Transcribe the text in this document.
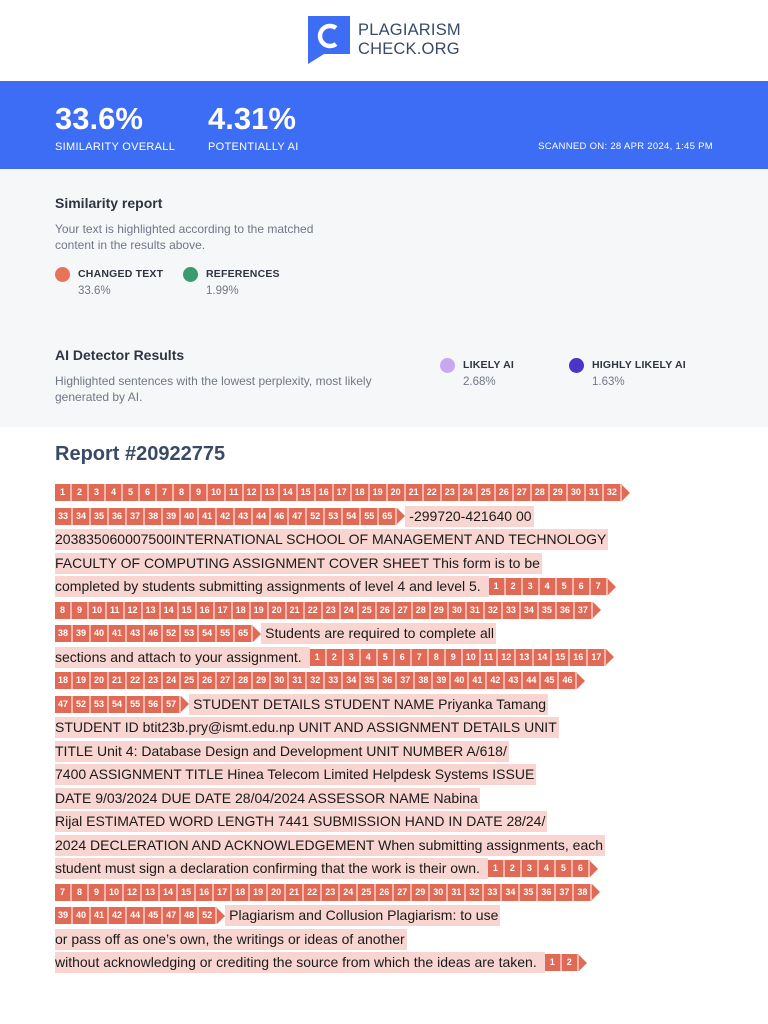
PLAGIARISM
CHECK.ORG
33.6%
SIMILARITY OVERALL
4.31%
POTENTIALLY AI	SCANNED ON: 28 APR 2024, 1:45 PM
Similarity report
Your text is highlighted according to the matched
content in the results above.
CHANGED TEXT
33.6%
REFERENCES
1.99%
AI Detector Results
Highlighted sentences with the lowest perplexity, most likely
generated by AI.
LIKELY AI
2.68%
HIGHLY LIKELY AI
1.63%
Report #20922775
1	2	3	4	5	6	7	8	9	10 11 12 13 14 15 16 17 18 19 20 21 22 23 24 25 26 27 28 29 30 31 32
33 34 35 36 37 38 39 40 41 42 43 44 46 47 52 53 54 55 65	-299720-421640 00
203835060007500INTERNATIONAL SCHOOL OF MANAGEMENT AND TECHNOLOGY
FACULTY OF COMPUTING ASSIGNMENT COVER SHEET This form is to be
completed by students submitting assignments of level 4 and level 5.	1	2	3	4	5	6	7
8	9	10 11 12 13 14 15 16 17 18 19 20 21 22 23 24 25 26 27 28 29 30 31 32 33 34 35 36 37
38 39 40 41 43 46 52 53 54 55 65	Students are required to complete all
sections and attach to your assignment.	1	2	3	4	5	6	7	8	9	10 11 12 13 14 15 16 17
18 19 20 21 22 23 24 25 26 27 28 29 30 31 32 33 34 35 36 37 38 39 40 41 42 43 44 45 46
47 52 53 54 55 56 57	STUDENT DETAILS STUDENT NAME Priyanka Tamang
STUDENT ID btit23b.pry@ismt.edu.np UNIT AND ASSIGNMENT DETAILS UNIT
TITLE Unit 4: Database Design and Development UNIT NUMBER A/618/
7400 ASSIGNMENT TITLE Hinea Telecom Limited Helpdesk Systems ISSUE
DATE 9/03/2024 DUE DATE 28/04/2024 ASSESSOR NAME Nabina
Rijal ESTIMATED WORD LENGTH 7441 SUBMISSION HAND IN DATE 28/24/
2024 DECLERATION AND ACKNOWLEDGEMENT When submitting assignments, each
student must sign a declaration confirming that the work is their own.	1	2	3	4	5	6
7	8	9	10 12 13 14 15 16 17 18 19 20 21 22 23 24 25 26 27 29 30 31 32 33 34 35 36 37 38
39 40 41 42 44 45 47 48 52	Plagiarism and Collusion Plagiarism: to use
or pass off as one’s own, the writings or ideas of another
without acknowledging or crediting the source from which the ideas are taken.	1	2
